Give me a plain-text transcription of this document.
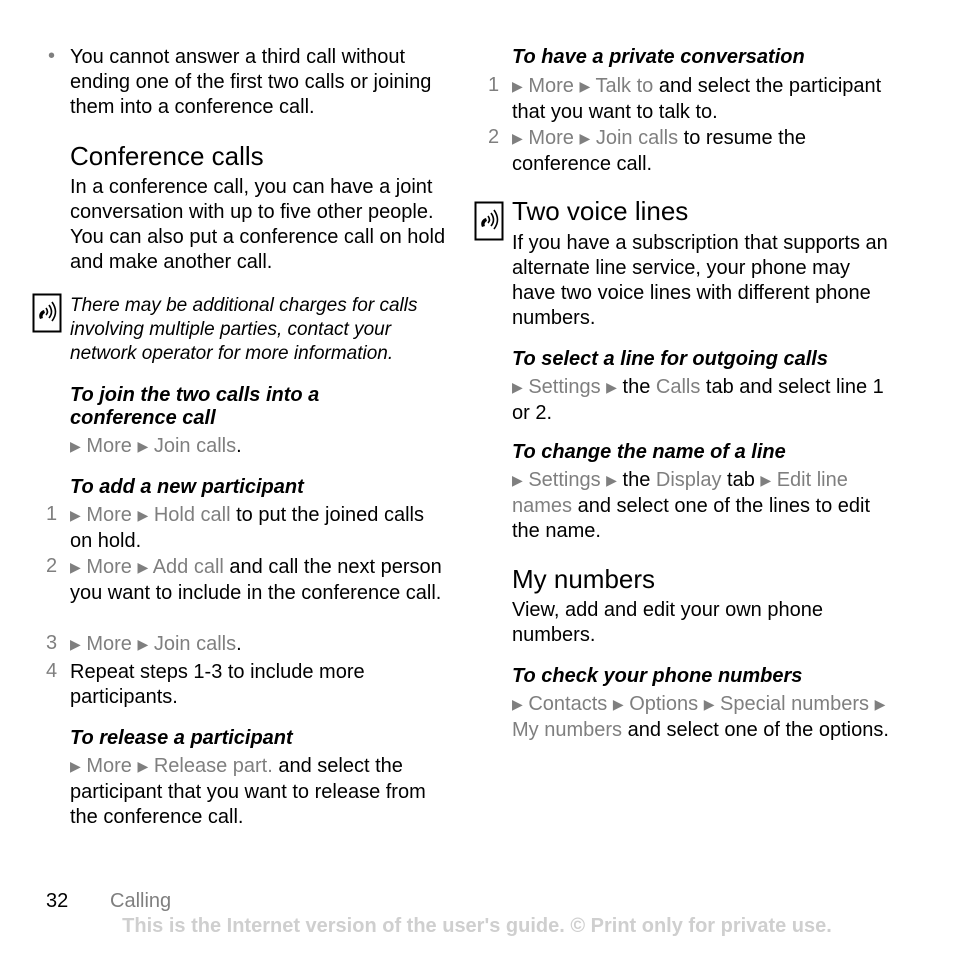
• You cannot answer a third call without ending one of the first two calls or joining them into a conference call.

Conference calls

In a conference call, you can have a joint conversation with up to five other people. You can also put a conference call on hold and make another call.

There may be additional charges for calls involving multiple parties, contact your network operator for more information.

To join the two calls into a conference call

▶ More ▶ Join calls.

To add a new participant
1 ▶ More ▶ Hold call to put the joined calls on hold.

2 ▶ More ▶ Add call and call the next person you want to include in the conference call.

3 ▶ More ▶ Join calls.

4 Repeat steps 1-3 to include more participants.

To release a participant

▶ More ▶ Release part. and select the participant that you want to release from the conference call.

To have a private conversation
1 ▶ More ▶ Talk to and select the participant that you want to talk to.

2 ▶ More ▶ Join calls to resume the conference call.

Two voice lines

If you have a subscription that supports an alternate line service, your phone may have two voice lines with different phone numbers.

To select a line for outgoing calls

▶ Settings ▶ the Calls tab and select line 1 or 2.

To change the name of a line

▶ Settings ▶ the Display tab ▶ Edit line names and select one of the lines to edit the name.

My numbers

View, add and edit your own phone numbers.

To check your phone numbers

▶ Contacts ▶ Options ▶ Special numbers ▶ My numbers and select one of the options.

32 Calling
This is the Internet version of the user's guide. © Print only for private use.
